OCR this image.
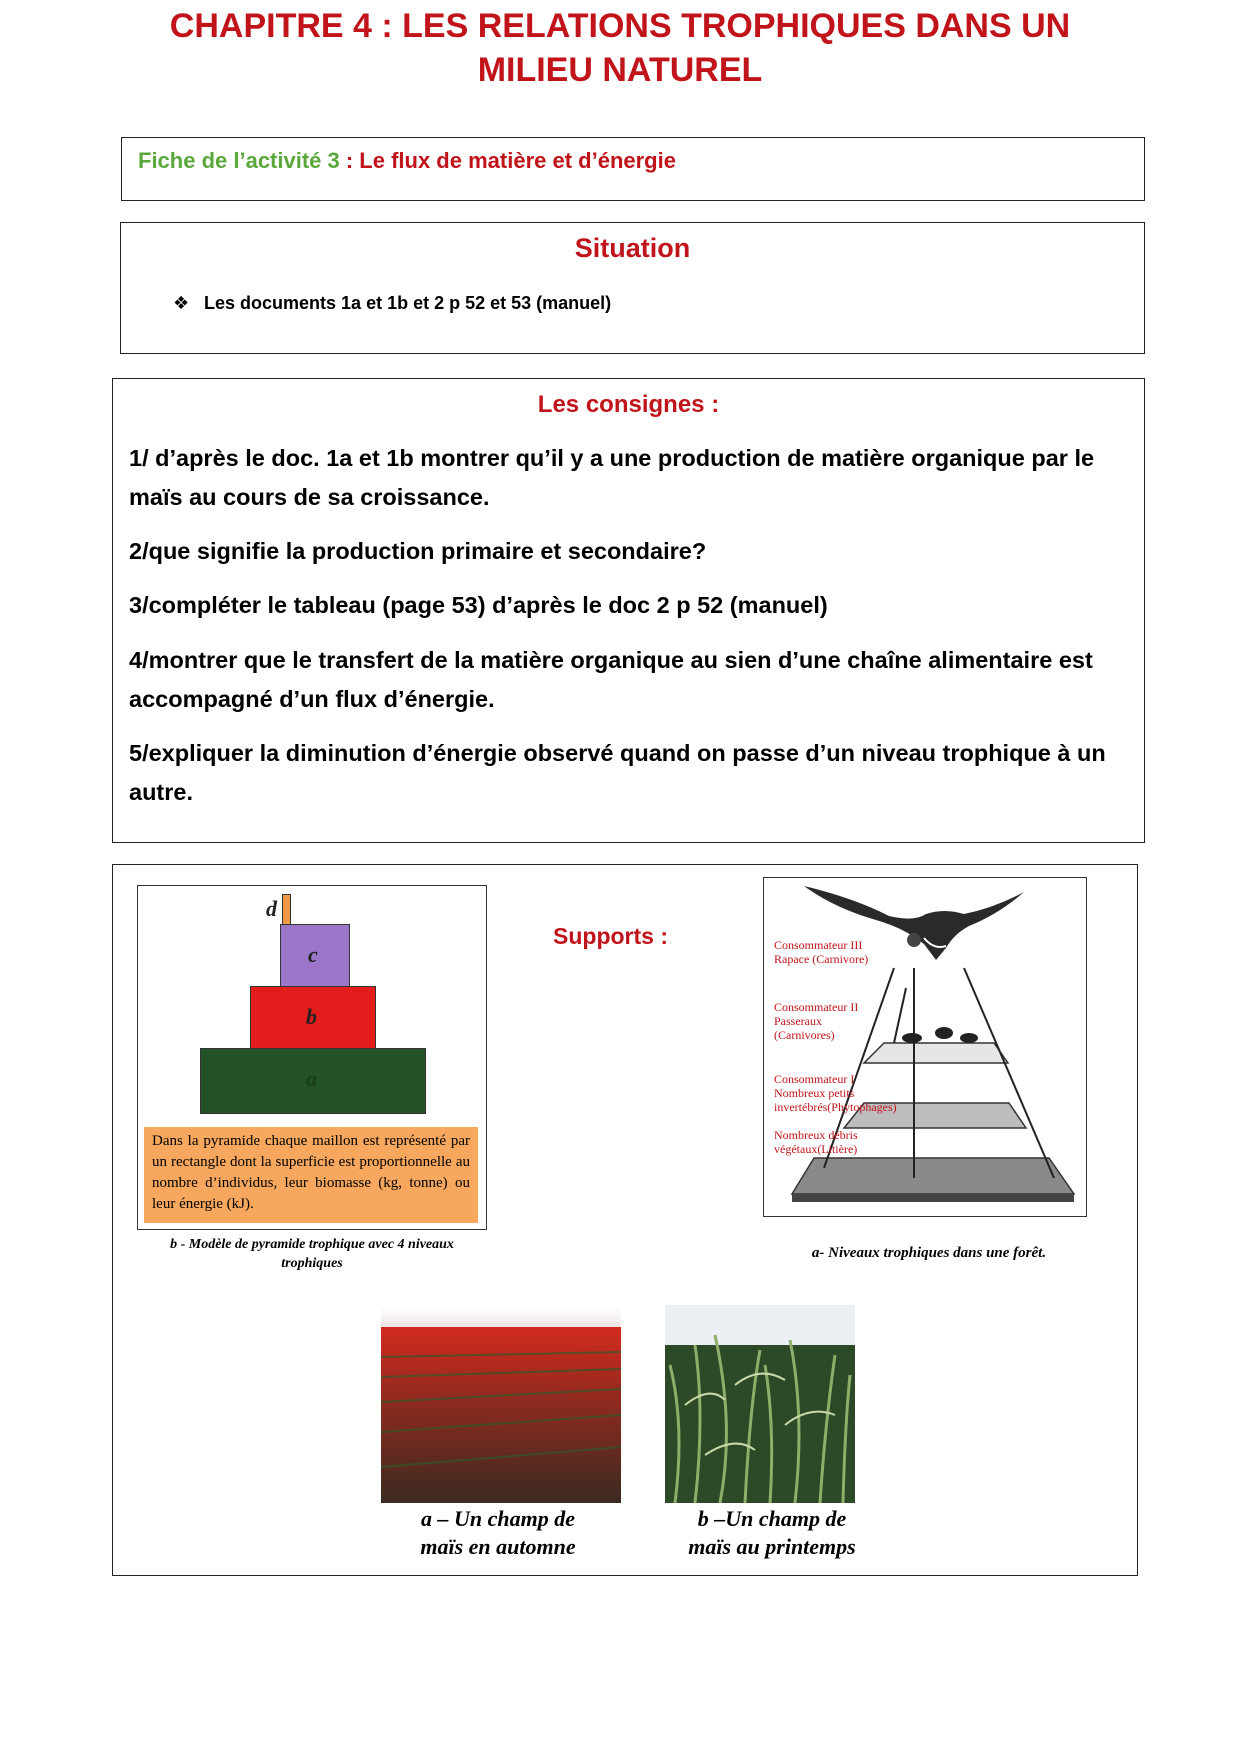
CHAPITRE 4 : LES RELATIONS TROPHIQUES DANS UN
MILIEU NATUREL
Fiche de l’activité 3 : Le flux de matière et d’énergie
Situation
❖ Les documents 1a et 1b et 2 p 52 et 53 (manuel)
Les consignes :
1/ d’après le doc. 1a et 1b montrer qu’il y a une production de matière organique par le maïs au cours de sa croissance.
2/que signifie la production primaire et secondaire?
3/compléter le tableau (page 53) d’après le doc 2 p 52 (manuel)
4/montrer que le transfert de la matière organique au sien d’une chaîne alimentaire est accompagné d’un flux d’énergie.
5/expliquer la diminution d’énergie observé quand on passe d’un niveau trophique à un autre.
Supports :
d
c
b
a
Dans la pyramide chaque maillon est représenté par un rectangle dont la superficie est proportionnelle au nombre d’individus, leur biomasse (kg, tonne) ou leur énergie (kJ).
b - Modèle de pyramide trophique avec 4 niveaux
trophiques
Consommateur III
Rapace (Carnivore)
Consommateur II
Passeraux
(Carnivores)
Consommateur I
Nombreux petits
invertébrés(Phytophages)
Nombreux débris
végétaux(Litière)
a- Niveaux trophiques dans une forêt.
a – Un champ de
maïs en automne
b –Un champ de
maïs au printemps
